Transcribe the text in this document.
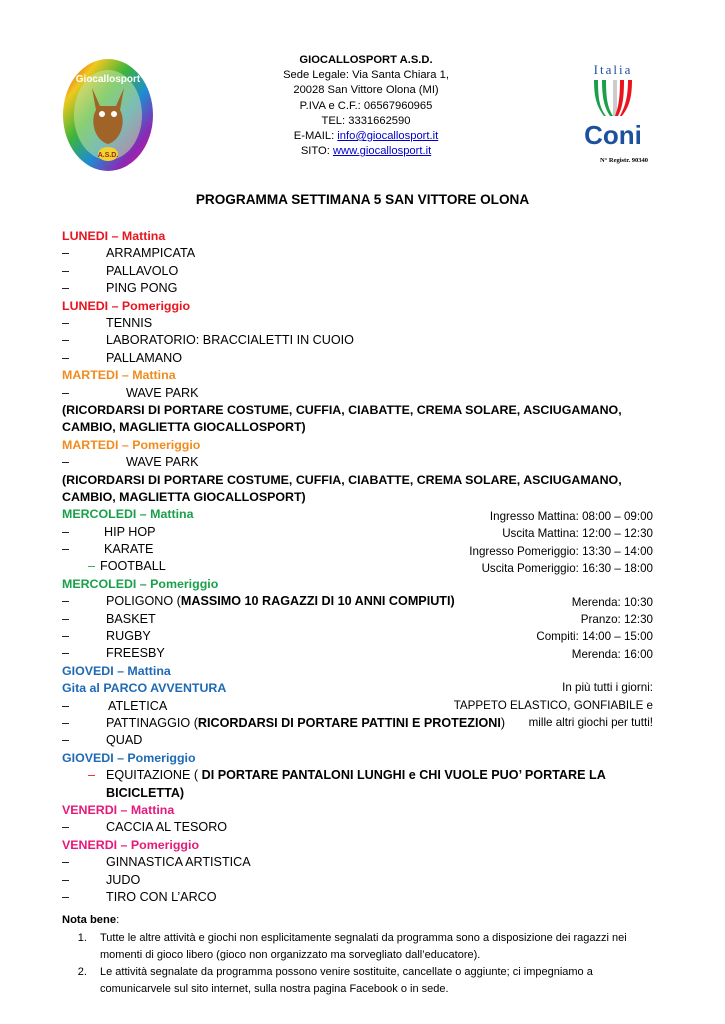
Giocallosport
A.S.D.
GIOCALLOSPORT A.S.D.
Sede Legale: Via Santa Chiara 1,
20028 San Vittore Olona (MI)
P.IVA e C.F.: 06567960965
TEL: 3331662590
E-MAIL: info@giocallosport.it
SITO: www.giocallosport.it
Italia
Coni
N° Registr. 90340
PROGRAMMA SETTIMANA 5 SAN VITTORE OLONA
LUNEDI – Mattina
–	ARRAMPICATA
–	PALLAVOLO
–	PING PONG
LUNEDI – Pomeriggio
–	TENNIS
–	LABORATORIO: BRACCIALETTI IN CUOIO
–	PALLAMANO
MARTEDI – Mattina
–	WAVE PARK
(RICORDARSI DI PORTARE COSTUME, CUFFIA, CIABATTE, CREMA SOLARE, ASCIUGAMANO, CAMBIO, MAGLIETTA GIOCALLOSPORT)
MARTEDI – Pomeriggio
–	WAVE PARK
(RICORDARSI DI PORTARE COSTUME, CUFFIA, CIABATTE, CREMA SOLARE, ASCIUGAMANO, CAMBIO, MAGLIETTA GIOCALLOSPORT)
MERCOLEDI – Mattina
–	HIP HOP
–	KARATE
– FOOTBALL
MERCOLEDI – Pomeriggio
–	POLIGONO (MASSIMO 10 RAGAZZI DI 10 ANNI COMPIUTI)
–	BASKET
–	RUGBY
–	FREESBY
GIOVEDI – Mattina
Gita al PARCO AVVENTURA
–	ATLETICA
–	PATTINAGGIO (RICORDARSI DI PORTARE PATTINI E PROTEZIONI)
–	QUAD
GIOVEDI – Pomeriggio
– EQUITAZIONE ( DI PORTARE PANTALONI LUNGHI e CHI VUOLE PUO’ PORTARE LA
BICICLETTA)
VENERDI – Mattina
–	CACCIA AL TESORO
VENERDI – Pomeriggio
–	GINNASTICA ARTISTICA
–	JUDO
–	TIRO CON L’ARCO
Ingresso Mattina: 08:00 – 09:00
Uscita Mattina: 12:00 – 12:30
Ingresso Pomeriggio: 13:30 – 14:00
Uscita Pomeriggio: 16:30 – 18:00
Merenda: 10:30
Pranzo: 12:30
Compiti: 14:00 – 15:00
Merenda: 16:00
In più tutti i giorni:
TAPPETO ELASTICO, GONFIABILE e
mille altri giochi per tutti!
Nota bene:
1. Tutte le altre attività e giochi non esplicitamente segnalati da programma sono a disposizione dei ragazzi nei momenti di gioco libero (gioco non organizzato ma sorvegliato dall’educatore).
2. Le attività segnalate da programma possono venire sostituite, cancellate o aggiunte; ci impegniamo a comunicarvele sul sito internet, sulla nostra pagina Facebook o in sede.
